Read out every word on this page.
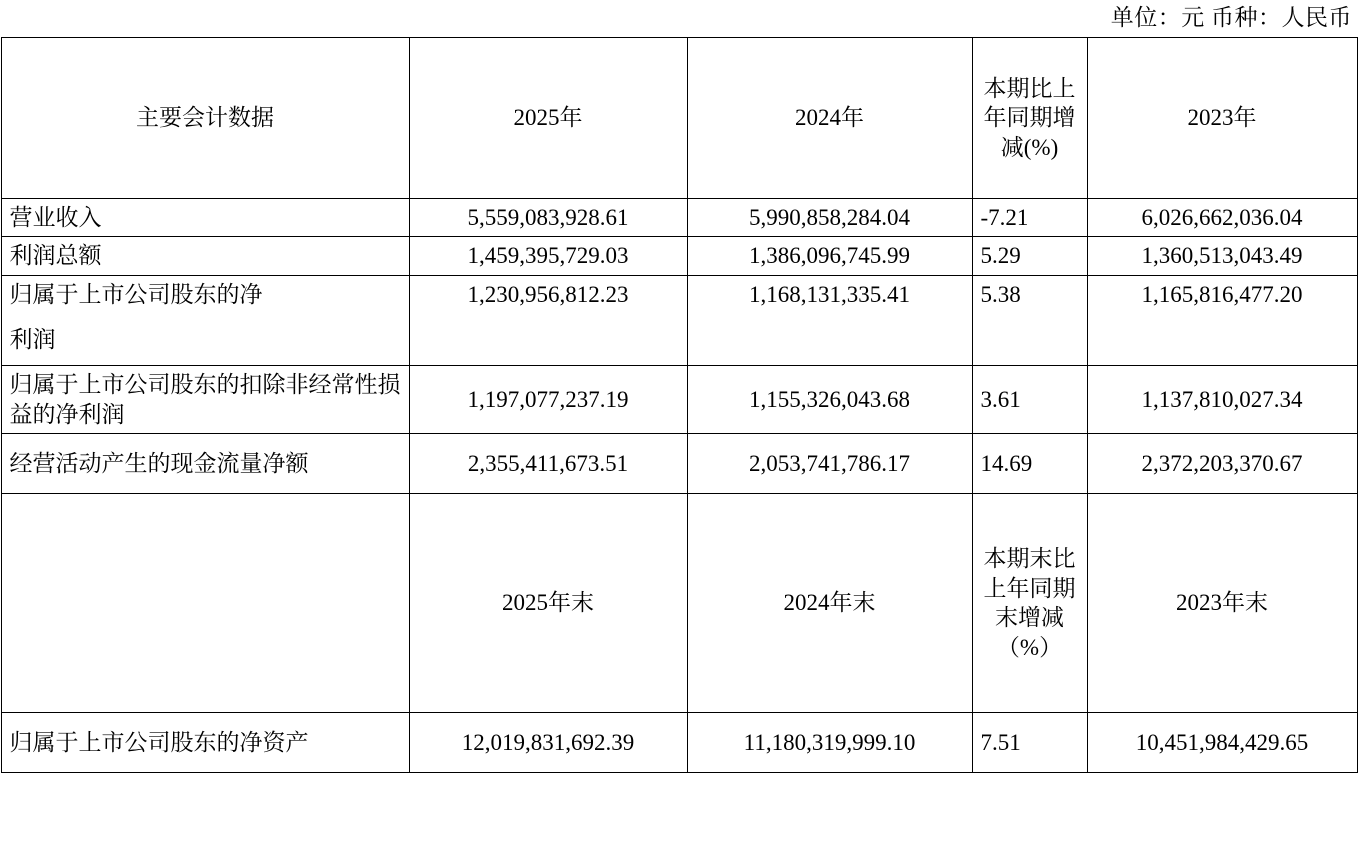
单位：元 币种：人民币
主要会计数据	2025年	2024年	本期比上年同期增减(%)	2023年
营业收入	5,559,083,928.61	5,990,858,284.04	-7.21	6,026,662,036.04
利润总额	1,459,395,729.03	1,386,096,745.99	5.29	1,360,513,043.49
归属于上市公司股东的净	1,230,956,812.23	1,168,131,335.41	5.38	1,165,816,477.20
利润				
归属于上市公司股东的扣除非经常性损益的净利润	1,197,077,237.19	1,155,326,043.68	3.61	1,137,810,027.34
经营活动产生的现金流量净额	2,355,411,673.51	2,053,741,786.17	14.69	2,372,203,370.67
	2025年末	2024年末	本期末比上年同期末增减（%）	2023年末
归属于上市公司股东的净资产	12,019,831,692.39	11,180,319,999.10	7.51	10,451,984,429.65
